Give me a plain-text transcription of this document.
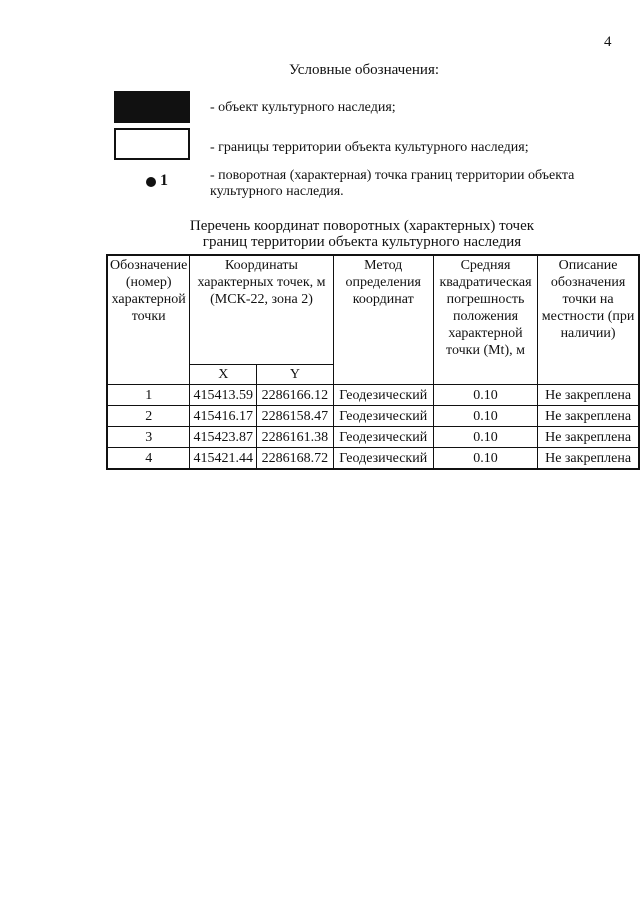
4
Условные обозначения:
- объект культурного наследия;
- границы территории объекта культурного наследия;
1	- поворотная (характерная) точка границ территории объекта культурного наследия.
Перечень координат поворотных (характерных) точек
границ территории объекта культурного наследия
Обозначение (номер) характерной точки	Координаты характерных точек, м (МСК-22, зона 2)		Метод определения координат	Средняя квадратическая погрешность положения характерной точки (Mt), м	Описание обозначения точки на местности (при наличии)
	X	Y			
1	415413.59	2286166.12	Геодезический	0.10	Не закреплена
2	415416.17	2286158.47	Геодезический	0.10	Не закреплена
3	415423.87	2286161.38	Геодезический	0.10	Не закреплена
4	415421.44	2286168.72	Геодезический	0.10	Не закреплена
